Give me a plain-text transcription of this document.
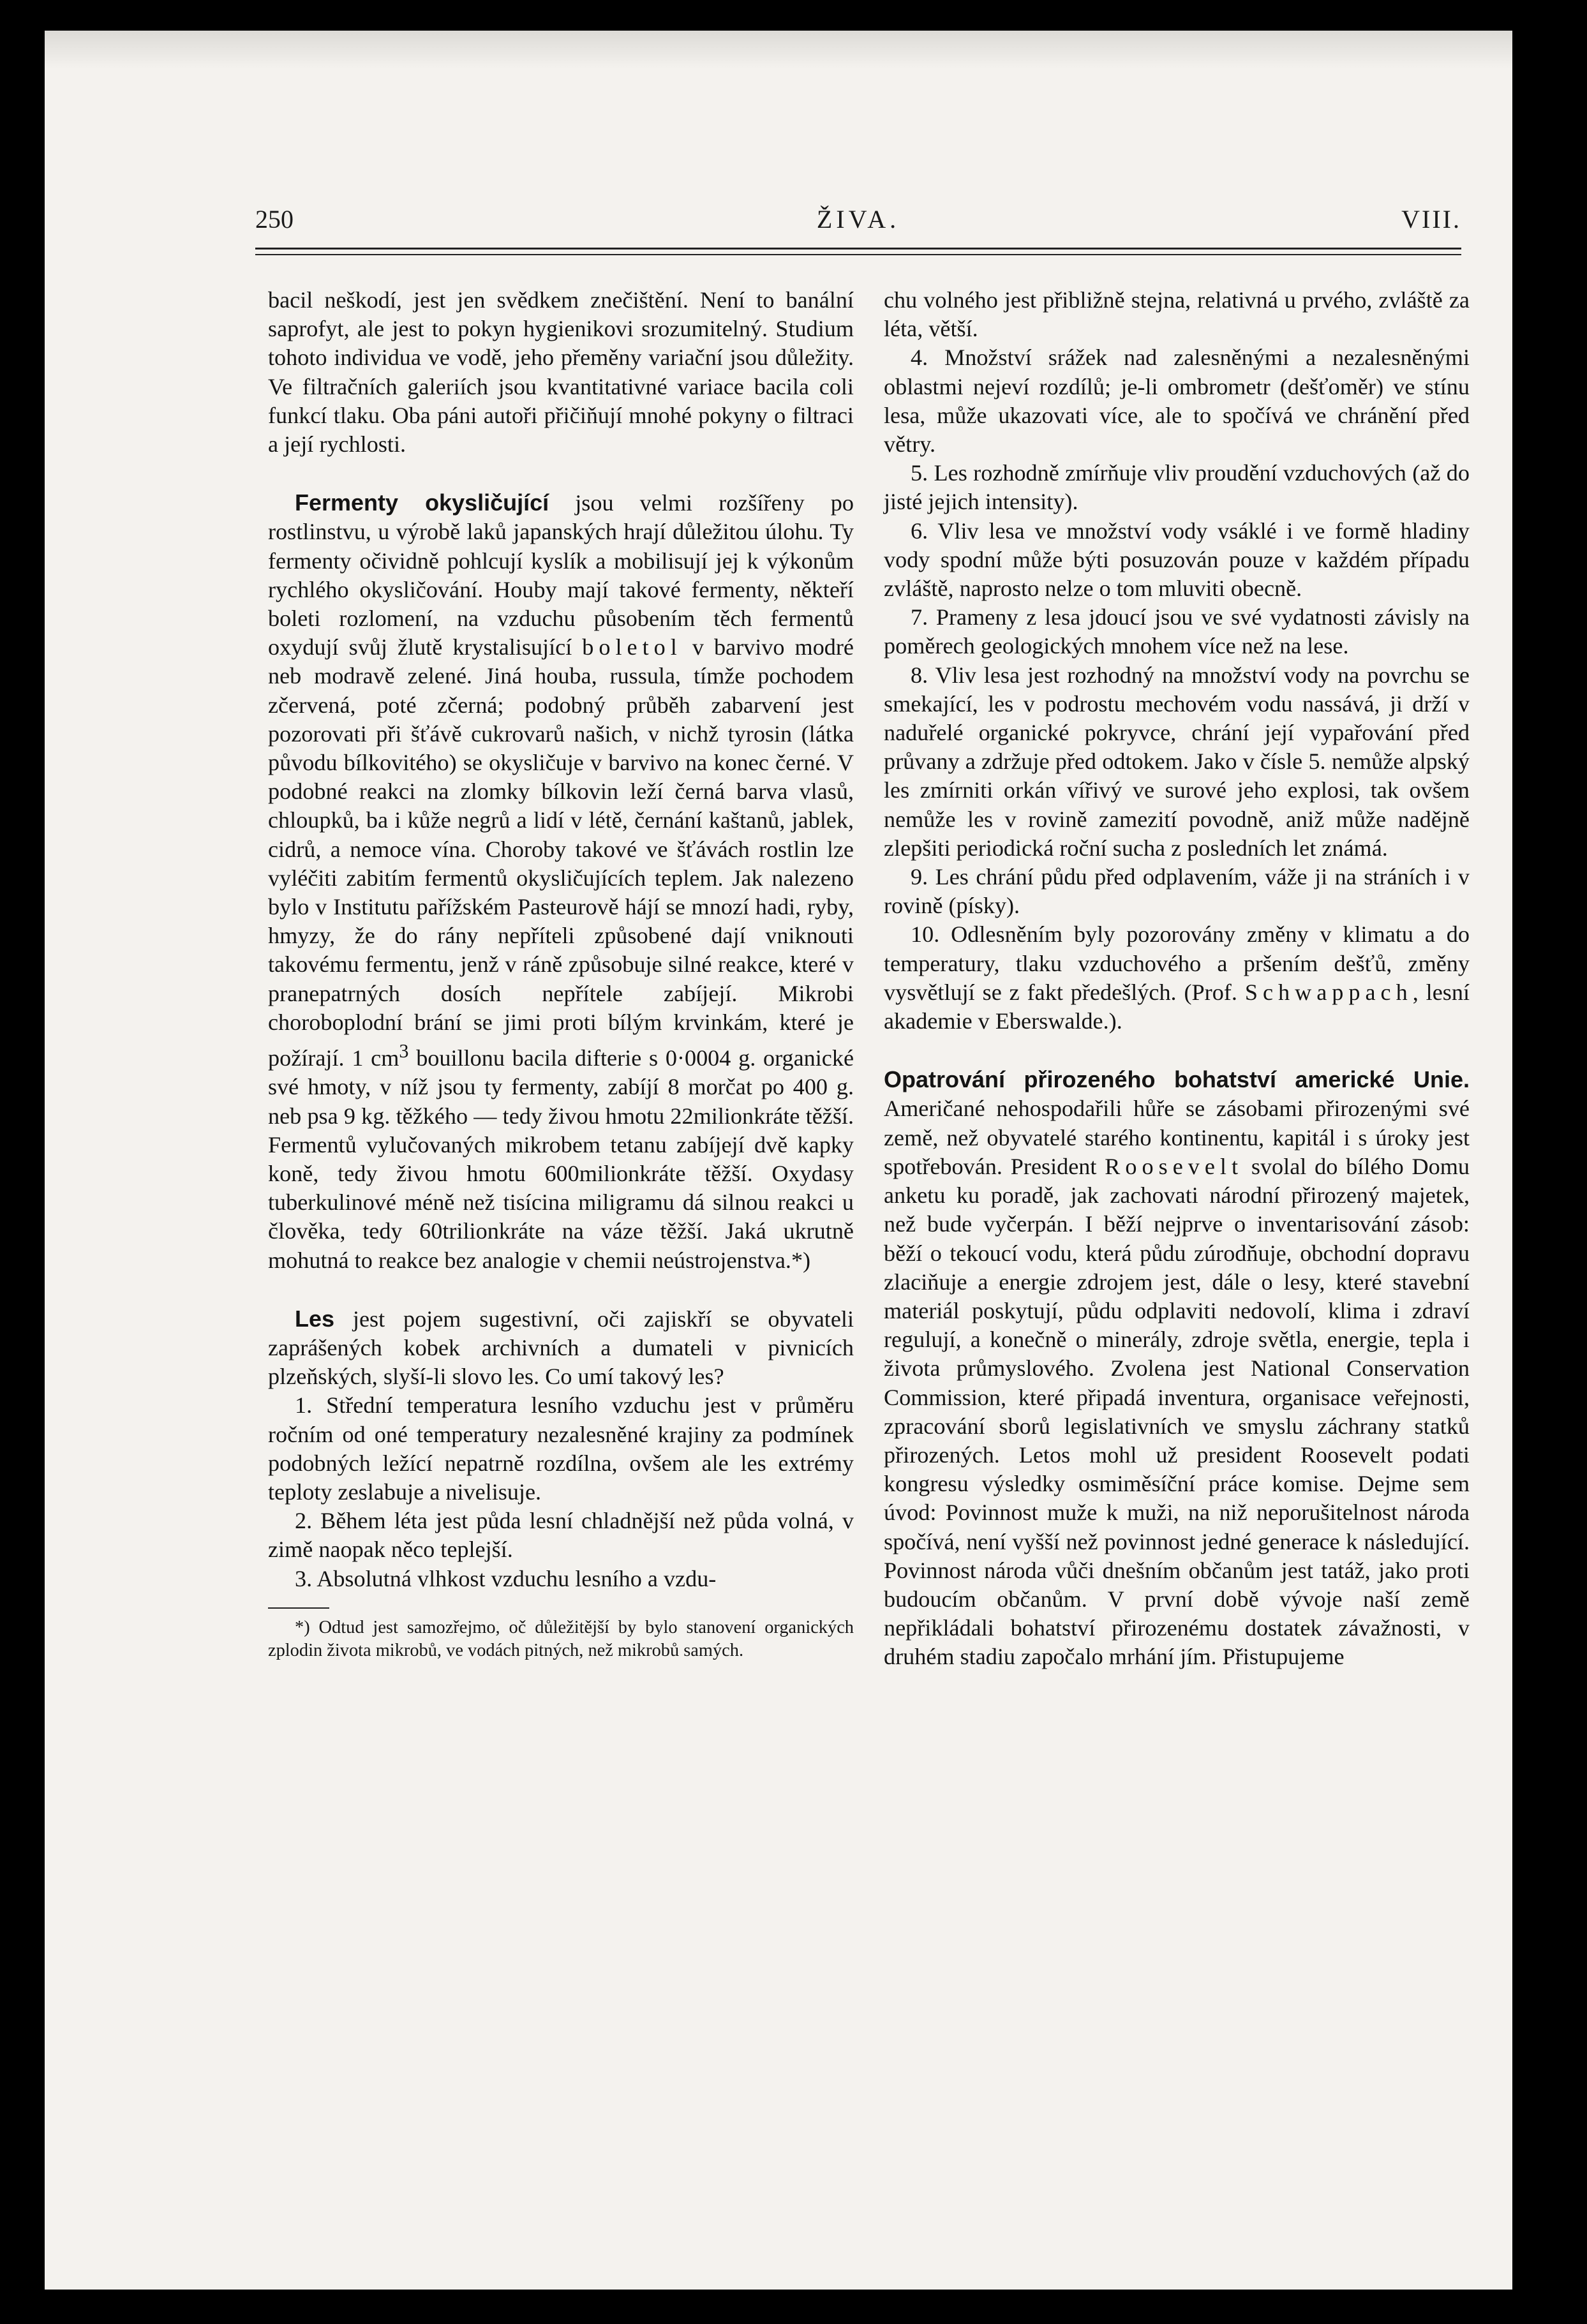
250	ŽIVA.	VIII.

bacil neškodí, jest jen svědkem znečištění. Není to banální saprofyt, ale jest to pokyn hygienikovi srozumitelný. Studium tohoto individua ve vodě, jeho přeměny variační jsou důležity. Ve filtračních galeriích jsou kvantitativné variace bacila coli funkcí tlaku. Oba páni autoři přičiňují mnohé pokyny o filtraci a její rychlosti.

Fermenty okysličující jsou velmi rozšířeny po rostlinstvu, u výrobě laků japanských hrají důležitou úlohu. Ty fermenty očividně pohlcují kyslík a mobilisují jej k výkonům rychlého okysličování. Houby mají takové fermenty, někteří boleti rozlomení, na vzduchu působením těch fermentů oxydují svůj žlutě krystalisující boletol v barvivo modré neb modravě zelené. Jiná houba, russula, tímže pochodem zčervená, poté zčerná; podobný průběh zabarvení jest pozorovati při šťávě cukrovarů našich, v nichž tyrosin (látka původu bílkovitého) se okysličuje v barvivo na konec černé. V podobné reakci na zlomky bílkovin leží černá barva vlasů, chloupků, ba i kůže negrů a lidí v létě, černání kaštanů, jablek, cidrů, a nemoce vína. Choroby takové ve šťávách rostlin lze vyléčiti zabitím fermentů okysličujících teplem. Jak nalezeno bylo v Institutu pařížském Pasteurově hájí se mnozí hadi, ryby, hmyzy, že do rány nepříteli způsobené dají vniknouti takovému fermentu, jenž v ráně způsobuje silné reakce, které v pranepatrných dosích nepřítele zabíjejí. Mikrobi choroboplodní brání se jimi proti bílým krvinkám, které je požírají. 1 $cm^3$ bouillonu bacila difterie s 0·0004 g. organické své hmoty, v níž jsou ty fermenty, zabíjí 8 morčat po 400 g. neb psa 9 kg. těžkého — tedy živou hmotu 22milionkráte těžší. Fermentů vylučovaných mikrobem tetanu zabíjejí dvě kapky koně, tedy živou hmotu 600milionkráte těžší. Oxydasy tuberkulinové méně než tisícina miligramu dá silnou reakci u člověka, tedy 60trilionkráte na váze těžší. Jaká ukrutně mohutná to reakce bez analogie v chemii neústrojenstva.*)

Les jest pojem sugestivní, oči zajiskří se obyvateli zaprášených kobek archivních a dumateli v pivnicích plzeňských, slyší-li slovo les. Co umí takový les?

1. Střední temperatura lesního vzduchu jest v průměru ročním od oné temperatury nezalesněné krajiny za podmínek podobných ležící nepatrně rozdílna, ovšem ale les extrémy teploty zeslabuje a nivelisuje.

2. Během léta jest půda lesní chladnější než půda volná, v zimě naopak něco teplejší.

3. Absolutná vlhkost vzduchu lesního a vzdu-

*) Odtud jest samozřejmo, oč důležitější by bylo stanovení organických zplodin života mikrobů, ve vodách pitných, než mikrobů samých.

chu volného jest přibližně stejna, relativná u prvého, zvláště za léta, větší.

4. Množství srážek nad zalesněnými a nezalesněnými oblastmi nejeví rozdílů; je-li ombrometr (dešťoměr) ve stínu lesa, může ukazovati více, ale to spočívá ve chránění před větry.

5. Les rozhodně zmírňuje vliv proudění vzduchových (až do jisté jejich intensity).

6. Vliv lesa ve množství vody vsáklé i ve formě hladiny vody spodní může býti posuzován pouze v každém případu zvláště, naprosto nelze o tom mluviti obecně.

7. Prameny z lesa jdoucí jsou ve své vydatnosti závisly na poměrech geologických mnohem více než na lese.

8. Vliv lesa jest rozhodný na množství vody na povrchu se smekající, les v podrostu mechovém vodu nassává, ji drží v naduřelé organické pokryvce, chrání její vypařování před průvany a zdržuje před odtokem. Jako v čísle 5. nemůže alpský les zmírniti orkán vířivý ve surové jeho explosi, tak ovšem nemůže les v rovině zamezití povodně, aniž může nadějně zlepšiti periodická roční sucha z posledních let známá.

9. Les chrání půdu před odplavením, váže ji na stráních i v rovině (písky).

10. Odlesněním byly pozorovány změny v klimatu a do temperatury, tlaku vzduchového a pršením dešťů, změny vysvětlují se z fakt předešlých. (Prof. Schwappach, lesní akademie v Eberswalde.).

Opatrování přirozeného bohatství americké Unie. Američané nehospodařili hůře se zásobami přirozenými své země, než obyvatelé starého kontinentu, kapitál i s úroky jest spotřebován. President Roosevelt svolal do bílého Domu anketu ku poradě, jak zachovati národní přirozený majetek, než bude vyčerpán. I běží nejprve o inventarisování zásob: běží o tekoucí vodu, která půdu zúrodňuje, obchodní dopravu zlaciňuje a energie zdrojem jest, dále o lesy, které stavební materiál poskytují, půdu odplaviti nedovolí, klima i zdraví regulují, a konečně o minerály, zdroje světla, energie, tepla i života průmyslového. Zvolena jest National Conservation Commission, které připadá inventura, organisace veřejnosti, zpracování sborů legislativních ve smyslu záchrany statků přirozených. Letos mohl už president Roosevelt podati kongresu výsledky osmiměsíční práce komise. Dejme sem úvod: Povinnost muže k muži, na niž neporušitelnost národa spočívá, není vyšší než povinnost jedné generace k následující. Povinnost národa vůči dnešním občanům jest tatáž, jako proti budoucím občanům. V první době vývoje naší země nepřikládali bohatství přirozenému dostatek závažnosti, v druhém stadiu započalo mrhání jím. Přistupujeme
